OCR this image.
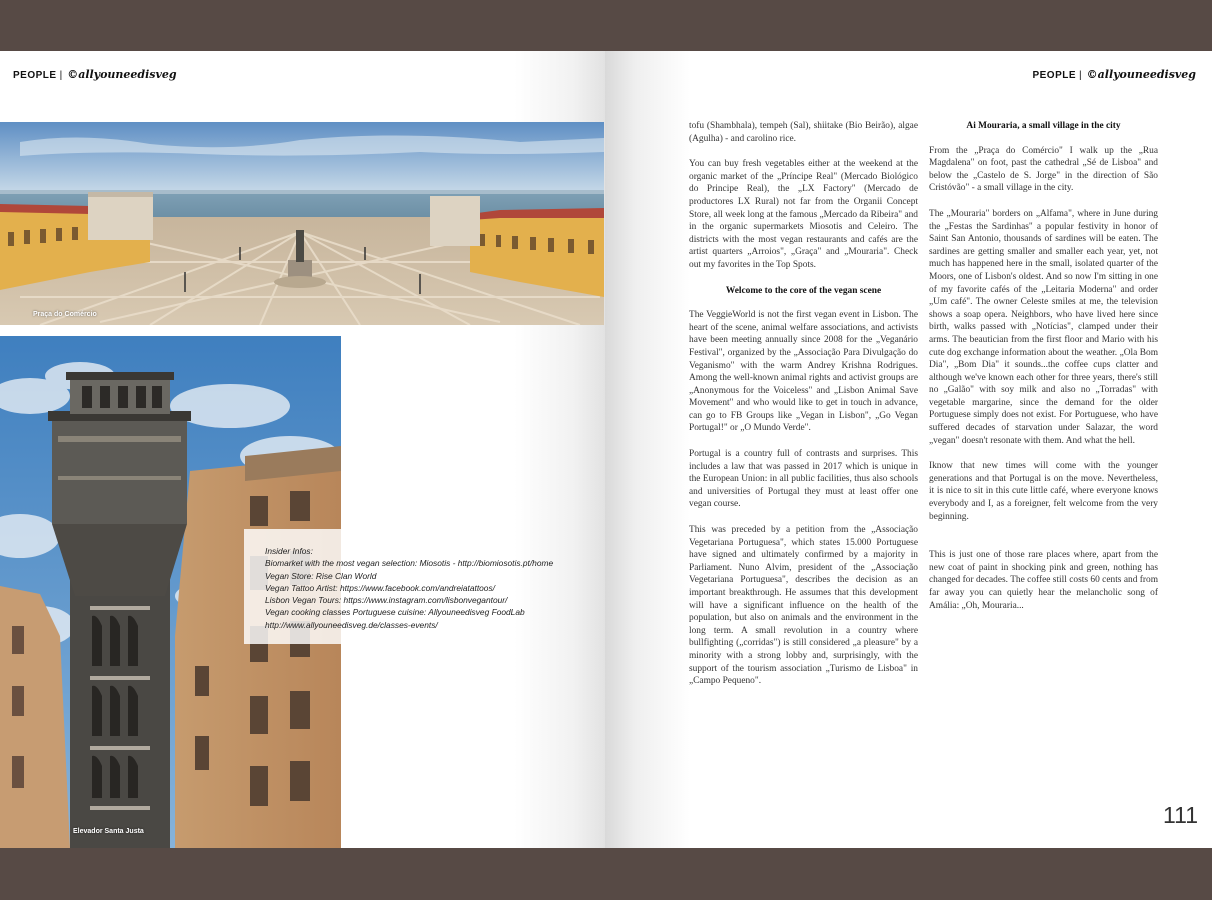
PEOPLE | ©allyouneedisveg
Praça do Comércio
Elevador Santa Justa
Insider Infos:
Biomarket with the most vegan selection: Miosotis - http://biomiosotis.pt/home
Vegan Store: Rise Clan World
Vegan Tattoo Artist: https://www.facebook.com/andreiatattoos/
Lisbon Vegan Tours: https://www.instagram.com/lisbonvegantour/
Vegan cooking classes Portuguese cuisine: Allyouneedisveg FoodLab
http://www.allyouneedisveg.de/classes-events/
PEOPLE | ©allyouneedisveg

tofu (Shambhala), tempeh (Sal), shiitake (Bio Beirão), algae (Agulha) - and carolino rice.

You can buy fresh vegetables either at the weekend at the organic market of the „Príncipe Real" (Mercado Biológico do Principe Real), the „LX Factory" (Mercado de productores LX Rural) not far from the Organii Concept Store, all week long at the famous „Mercado da Ribeira" and in the organic supermarkets Miosotis and Celeiro. The districts with the most vegan restaurants and cafés are the artist quarters „Arroios", „Graça" and „Mouraria". Check out my favorites in the Top Spots.

Welcome to the core of the vegan scene

The VeggieWorld is not the first vegan event in Lisbon. The heart of the scene, animal welfare associations, and activists have been meeting annually since 2008 for the „Veganário Festival", organized by the „Associação Para Divulgação do Veganismo" with the warm Andrey Krishna Rodrigues. Among the well-known animal rights and activist groups are „Anonymous for the Voiceless" and „Lisbon Animal Save Movement" and who would like to get in touch in advance, can go to FB Groups like „Vegan in Lisbon", „Go Vegan Portugal!" or „O Mundo Verde".

Portugal is a country full of contrasts and surprises. This includes a law that was passed in 2017 which is unique in the European Union: in all public facilities, thus also schools and universities of Portugal they must at least offer one vegan course.

This was preceded by a petition from the „Associação Vegetariana Portuguesa", which states 15.000 Portuguese have signed and ultimately confirmed by a majority in Parliament. Nuno Alvim, president of the „Associação Vegetariana Portuguesa", describes the decision as an important breakthrough. He assumes that this development will have a significant influence on the health of the population, but also on animals and the environment in the long term. A small revolution in a country where bullfighting („corridas") is still considered „a pleasure" by a minority with a strong lobby and, surprisingly, with the support of the tourism association „Turismo de Lisboa" in „Campo Pequeno".

Ai Mouraria, a small village in the city

From the „Praça do Comércio" I walk up the „Rua Magdalena" on foot, past the cathedral „Sé de Lisboa" and below the „Castelo de S. Jorge" in the direction of São Cristóvão" - a small village in the city.

The „Mouraria" borders on „Alfama", where in June during the „Festas the Sardinhas" a popular festivity in honor of Saint San Antonio, thousands of sardines will be eaten. The sardines are getting smaller and smaller each year, yet, not much has happened here in the small, isolated quarter of the Moors, one of Lisbon's oldest. And so now I'm sitting in one of my favorite cafés of the „Leitaria Moderna" and order „Um café". The owner Celeste smiles at me, the television shows a soap opera. Neighbors, who have lived here since birth, walks passed with „Notícias", clamped under their arms. The beautician from the first floor and Mario with his cute dog exchange information about the weather. „Ola Bom Dia", „Bom Dia" it sounds...the coffee cups clatter and although we've known each other for three years, there's still no „Galão" with soy milk and also no „Torradas" with vegetable margarine, since the demand for the older Portuguese simply does not exist. For Portuguese, who have suffered decades of starvation under Salazar, the word „vegan" doesn't resonate with them. And what the hell.

Iknow that new times will come with the younger generations and that Portugal is on the move. Nevertheless, it is nice to sit in this cute little café, where everyone knows everybody and I, as a foreigner, felt welcome from the very beginning.

This is just one of those rare places where, apart from the new coat of paint in shocking pink and green, nothing has changed for decades. The coffee still costs 60 cents and from far away you can quietly hear the melancholic song of Amália: „Oh, Mouraria...

111
